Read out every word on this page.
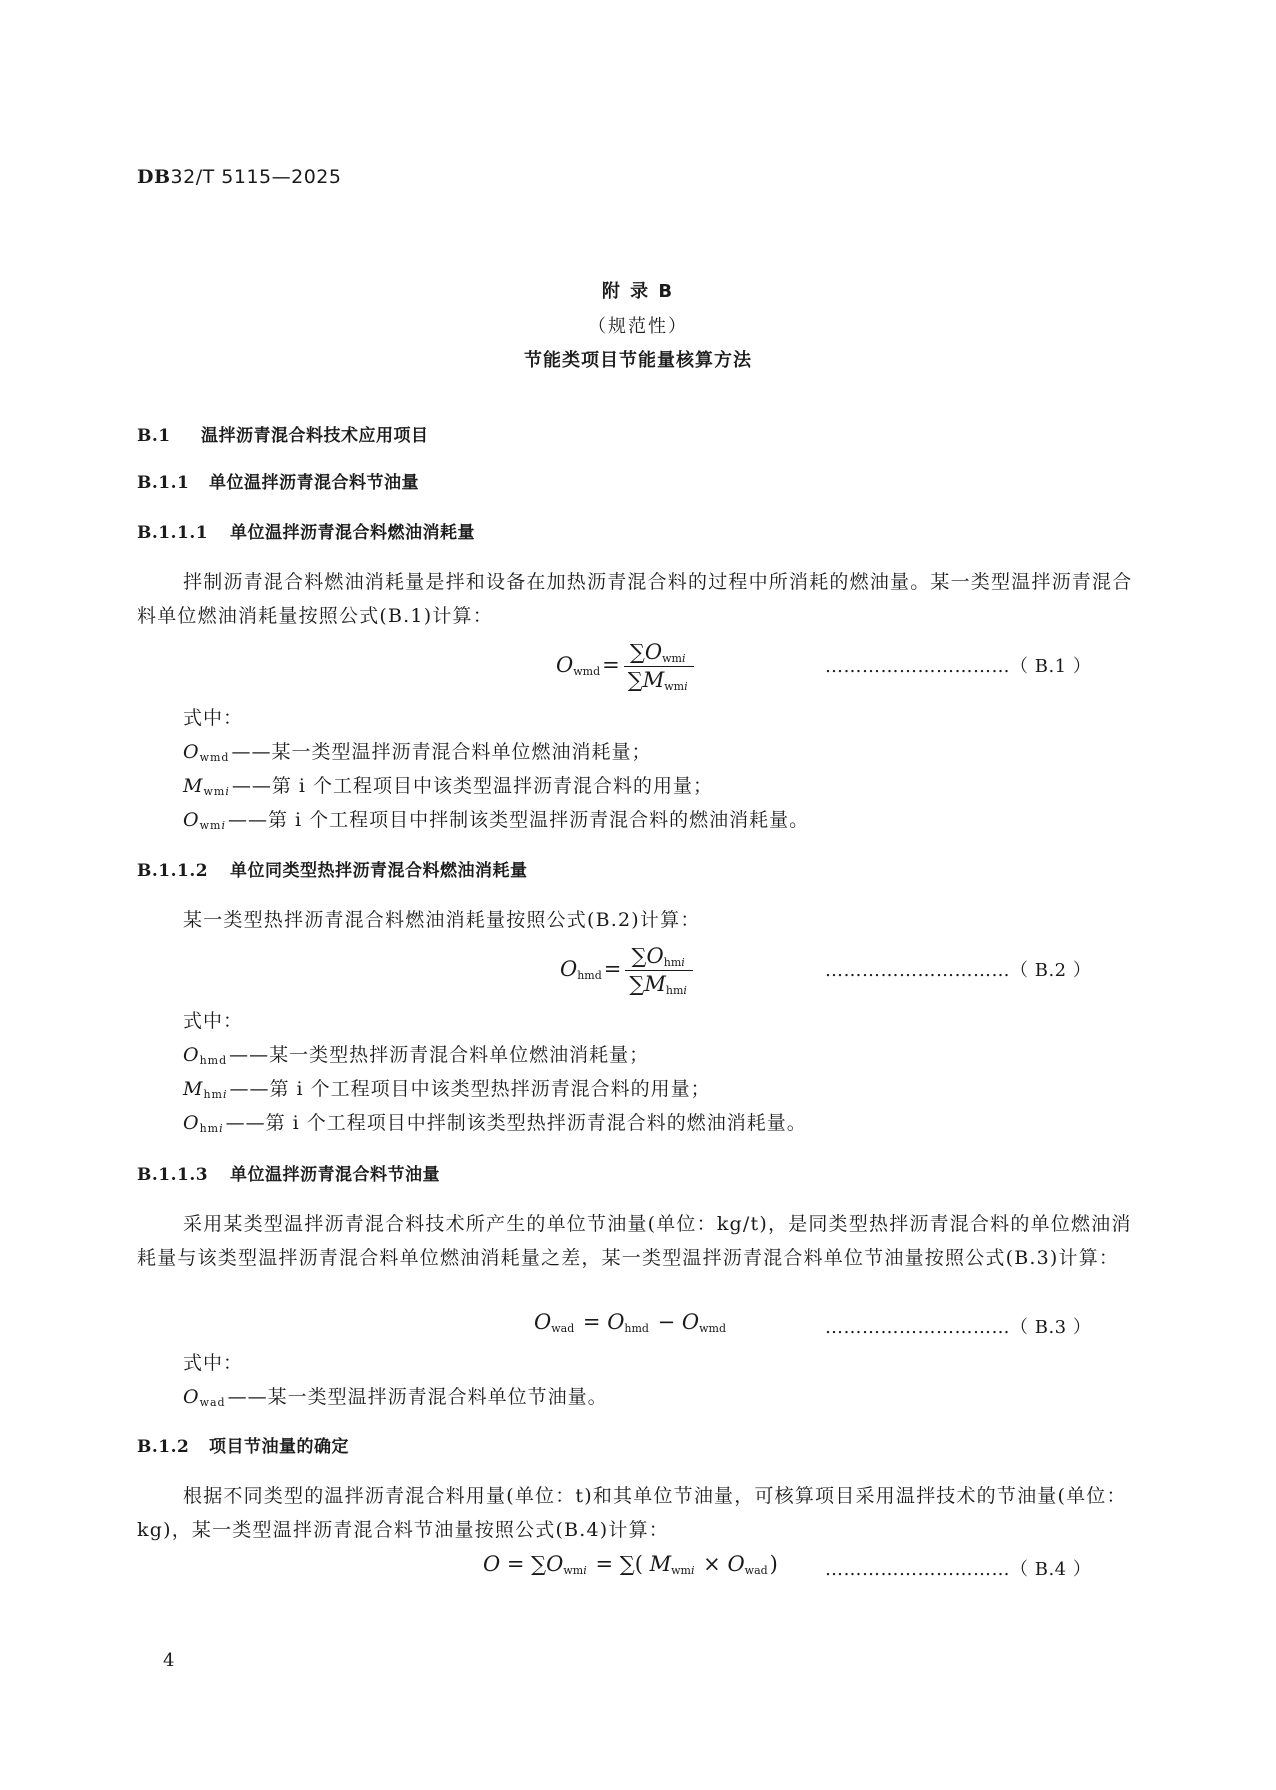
DB32/T 5115—2025
附 录 B
（规范性）
节能类项目节能量核算方法
B.1 温拌沥青混合料技术应用项目
B.1.1 单位温拌沥青混合料节油量
B.1.1.1 单位温拌沥青混合料燃油消耗量
拌制沥青混合料燃油消耗量是拌和设备在加热沥青混合料的过程中所消耗的燃油量。某一类型温拌沥青混合料单位燃油消耗量按照公式(B.1)计算：
$O_{wmd}= \frac{\sum O_{wmi}}{\sum M_{wmi}}$	…………………………（ B.1 ）
式中：
$O_{wmd}$ ——某一类型温拌沥青混合料单位燃油消耗量；
$M_{wmi}$ ——第 i 个工程项目中该类型温拌沥青混合料的用量；
$O_{wmi}$ ——第 i 个工程项目中拌制该类型温拌沥青混合料的燃油消耗量。
B.1.1.2 单位同类型热拌沥青混合料燃油消耗量
某一类型热拌沥青混合料燃油消耗量按照公式(B.2)计算：
$O_{hmd}= \frac{\sum O_{hmi}}{\sum M_{hmi}}$	…………………………（ B.2 ）
式中：
$O_{hmd}$ ——某一类型热拌沥青混合料单位燃油消耗量；
$M_{hmi}$ ——第 i 个工程项目中该类型热拌沥青混合料的用量；
$O_{hmi}$ ——第 i 个工程项目中拌制该类型热拌沥青混合料的燃油消耗量。
B.1.1.3 单位温拌沥青混合料节油量
采用某类型温拌沥青混合料技术所产生的单位节油量(单位：kg/t)，是同类型热拌沥青混合料的单位燃油消耗量与该类型温拌沥青混合料单位燃油消耗量之差，某一类型温拌沥青混合料单位节油量按照公式(B.3)计算：
$O_{wad} = O_{hmd} - O_{wmd}$	…………………………（ B.3 ）
式中：
$O_{wad}$ ——某一类型温拌沥青混合料单位节油量。
B.1.2 项目节油量的确定
根据不同类型的温拌沥青混合料用量(单位：t)和其单位节油量，可核算项目采用温拌技术的节油量(单位：kg)，某一类型温拌沥青混合料节油量按照公式(B.4)计算：
$O = \sum O_{wmi}$ = ∑( $M_{wmi} \times O_{wad}$)	…………………………（ B.4 ）
4
